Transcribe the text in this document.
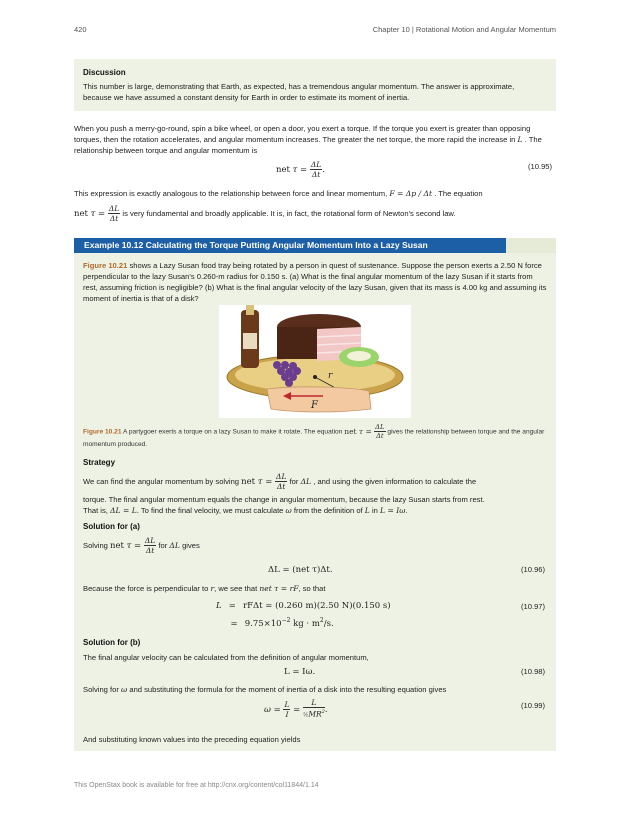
420	Chapter 10 | Rotational Motion and Angular Momentum
Discussion

This number is large, demonstrating that Earth, as expected, has a tremendous angular momentum. The answer is approximate, because we have assumed a constant density for Earth in order to estimate its moment of inertia.

When you push a merry-go-round, spin a bike wheel, or open a door, you exert a torque. If the torque you exert is greater than opposing torques, then the rotation accelerates, and angular momentum increases. The greater the net torque, the more rapid the increase in L . The relationship between torque and angular momentum is

net $\tau = \frac{\Delta L}{\Delta t}$ .	(10.95)

This expression is exactly analogous to the relationship between force and linear momentum, F = Δp / Δt . The equation

net $\tau = \frac{\Delta L}{\Delta t}$ is very fundamental and broadly applicable. It is, in fact, the rotational form of Newton's second law.
Example 10.12 Calculating the Torque Putting Angular Momentum Into a Lazy Susan

Figure 10.21 shows a Lazy Susan food tray being rotated by a person in quest of sustenance. Suppose the person exerts a 2.50 N force perpendicular to the lazy Susan's 0.260-m radius for 0.150 s. (a) What is the final angular momentum of the lazy Susan if it starts from rest, assuming friction is negligible? (b) What is the final angular velocity of the lazy Susan, given that its mass is 4.00 kg and assuming its moment of inertia is that of a disk?

r
F
Figure 10.21 A partygoer exerts a torque on a lazy Susan to make it rotate. The equation net $\tau = \frac{\Delta L}{\Delta t}$ gives the relationship between torque and the angular momentum produced.
Strategy
We can find the angular momentum by solving net $\tau = \frac{\Delta L}{\Delta t}$ for ΔL , and using the given information to calculate the

torque. The final angular momentum equals the change in angular momentum, because the lazy Susan starts from rest.

That is, ΔL = L. To find the final velocity, we must calculate ω from the definition of L in L = Iω.

Solution for (a)
Solving net $\tau = \frac{\Delta L}{\Delta t}$ for ΔL gives
ΔL = (net τ)Δt.	(10.96)

Because the force is perpendicular to r, we see that net τ = rF, so that

L = rFΔt = (0.260 m)(2.50 N)(0.150 s)
= $9.75\times 10^{-2}$ kg · $m^2/s$.
(10.97)
Solution for (b)

The final angular velocity can be calculated from the definition of angular momentum,

L = Iω.	(10.98)

Solving for ω and substituting the formula for the moment of inertia of a disk into the resulting equation gives

$\omega = \frac{L}{I} = \frac{L}{\frac{1}{2}MR^2}$ .	(10.99)

And substituting known values into the preceding equation yields

This OpenStax book is available for free at http://cnx.org/content/col11844/1.14
